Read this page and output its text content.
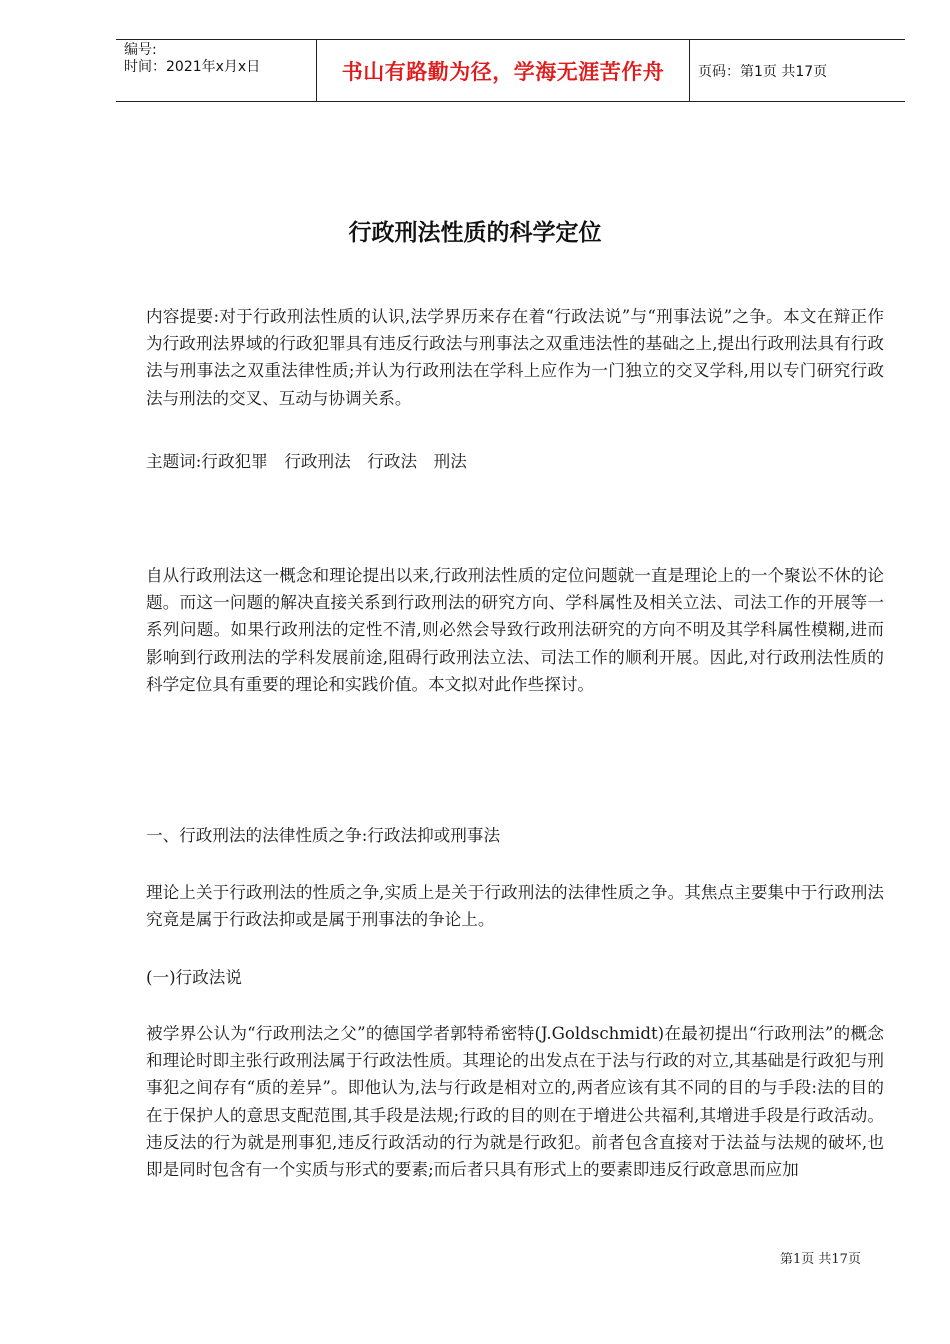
编号:
时间：2021年x月x日	书山有路勤为径，学海无涯苦作舟	页码：第1页 共17页
行政刑法性质的科学定位

内容提要:对于行政刑法性质的认识,法学界历来存在着“行政法说”与“刑事法说”之争。本文在辩正作为行政刑法界域的行政犯罪具有违反行政法与刑事法之双重违法性的基础之上,提出行政刑法具有行政法与刑事法之双重法律性质;并认为行政刑法在学科上应作为一门独立的交叉学科,用以专门研究行政法与刑法的交叉、互动与协调关系。

主题词:行政犯罪　行政刑法　行政法　刑法

自从行政刑法这一概念和理论提出以来,行政刑法性质的定位问题就一直是理论上的一个聚讼不休的论题。而这一问题的解决直接关系到行政刑法的研究方向、学科属性及相关立法、司法工作的开展等一系列问题。如果行政刑法的定性不清,则必然会导致行政刑法研究的方向不明及其学科属性模糊,进而影响到行政刑法的学科发展前途,阻碍行政刑法立法、司法工作的顺利开展。因此,对行政刑法性质的科学定位具有重要的理论和实践价值。本文拟对此作些探讨。

一、行政刑法的法律性质之争:行政法抑或刑事法

理论上关于行政刑法的性质之争,实质上是关于行政刑法的法律性质之争。其焦点主要集中于行政刑法究竟是属于行政法抑或是属于刑事法的争论上。

(一)行政法说

被学界公认为“行政刑法之父”的德国学者郭特希密特(J.Goldschmidt)在最初提出“行政刑法”的概念和理论时即主张行政刑法属于行政法性质。其理论的出发点在于法与行政的对立,其基础是行政犯与刑事犯之间存有“质的差异”。即他认为,法与行政是相对立的,两者应该有其不同的目的与手段:法的目的在于保护人的意思支配范围,其手段是法规;行政的目的则在于增进公共福利,其增进手段是行政活动。违反法的行为就是刑事犯,违反行政活动的行为就是行政犯。前者包含直接对于法益与法规的破坏,也即是同时包含有一个实质与形式的要素;而后者只具有形式上的要素即违反行政意思而应加

第1页 共17页
